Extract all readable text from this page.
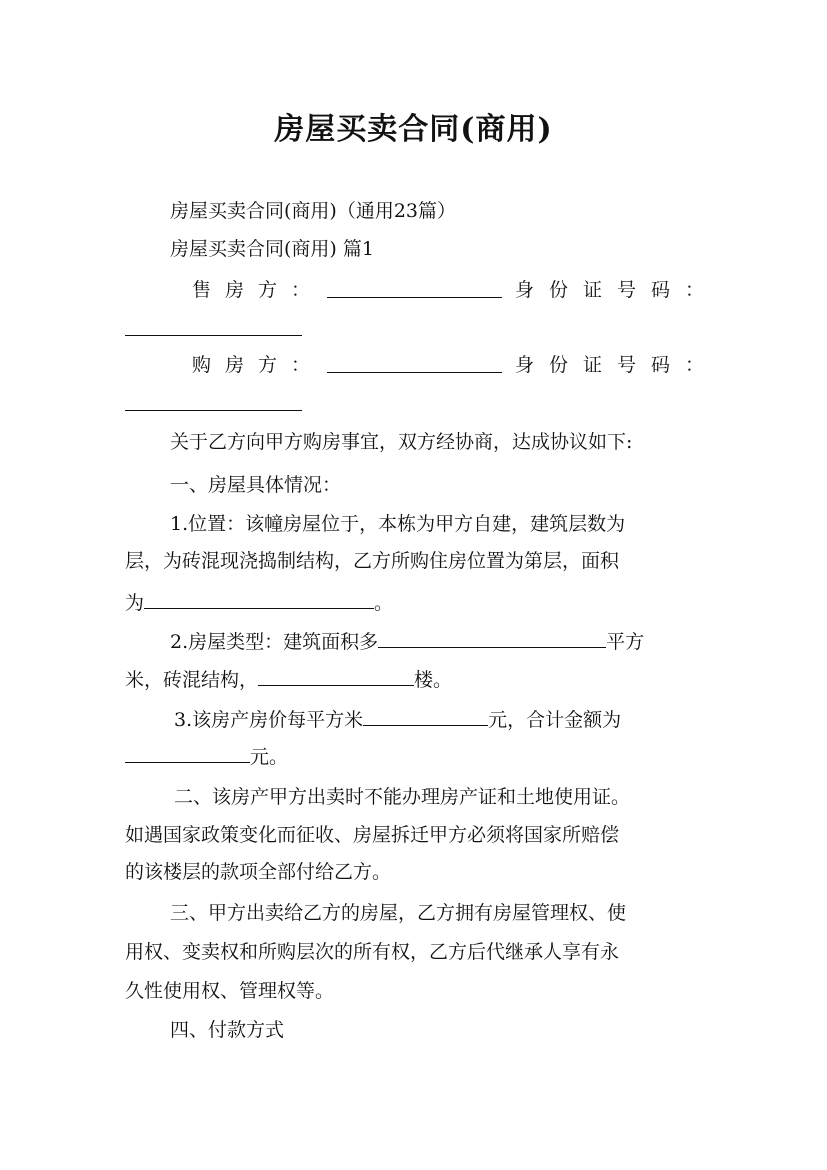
房屋买卖合同(商用)
房屋买卖合同(商用)（通用23篇）
房屋买卖合同(商用) 篇1
售房方：	身份证号码：
购房方：	身份证号码：
关于乙方向甲方购房事宜，双方经协商，达成协议如下:
一、房屋具体情况：
1.位置：该幢房屋位于，本栋为甲方自建，建筑层数为
层，为砖混现浇捣制结构，乙方所购住房位置为第层，面积
为	。
2.房屋类型：建筑面积多	平方
米，砖混结构，	楼。
3.该房产房价每平方米	元，合计金额为
元。
二、该房产甲方出卖时不能办理房产证和土地使用证。
如遇国家政策变化而征收、房屋拆迁甲方必须将国家所赔偿
的该楼层的款项全部付给乙方。
三、甲方出卖给乙方的房屋，乙方拥有房屋管理权、使
用权、变卖权和所购层次的所有权，乙方后代继承人享有永
久性使用权、管理权等。
四、付款方式
